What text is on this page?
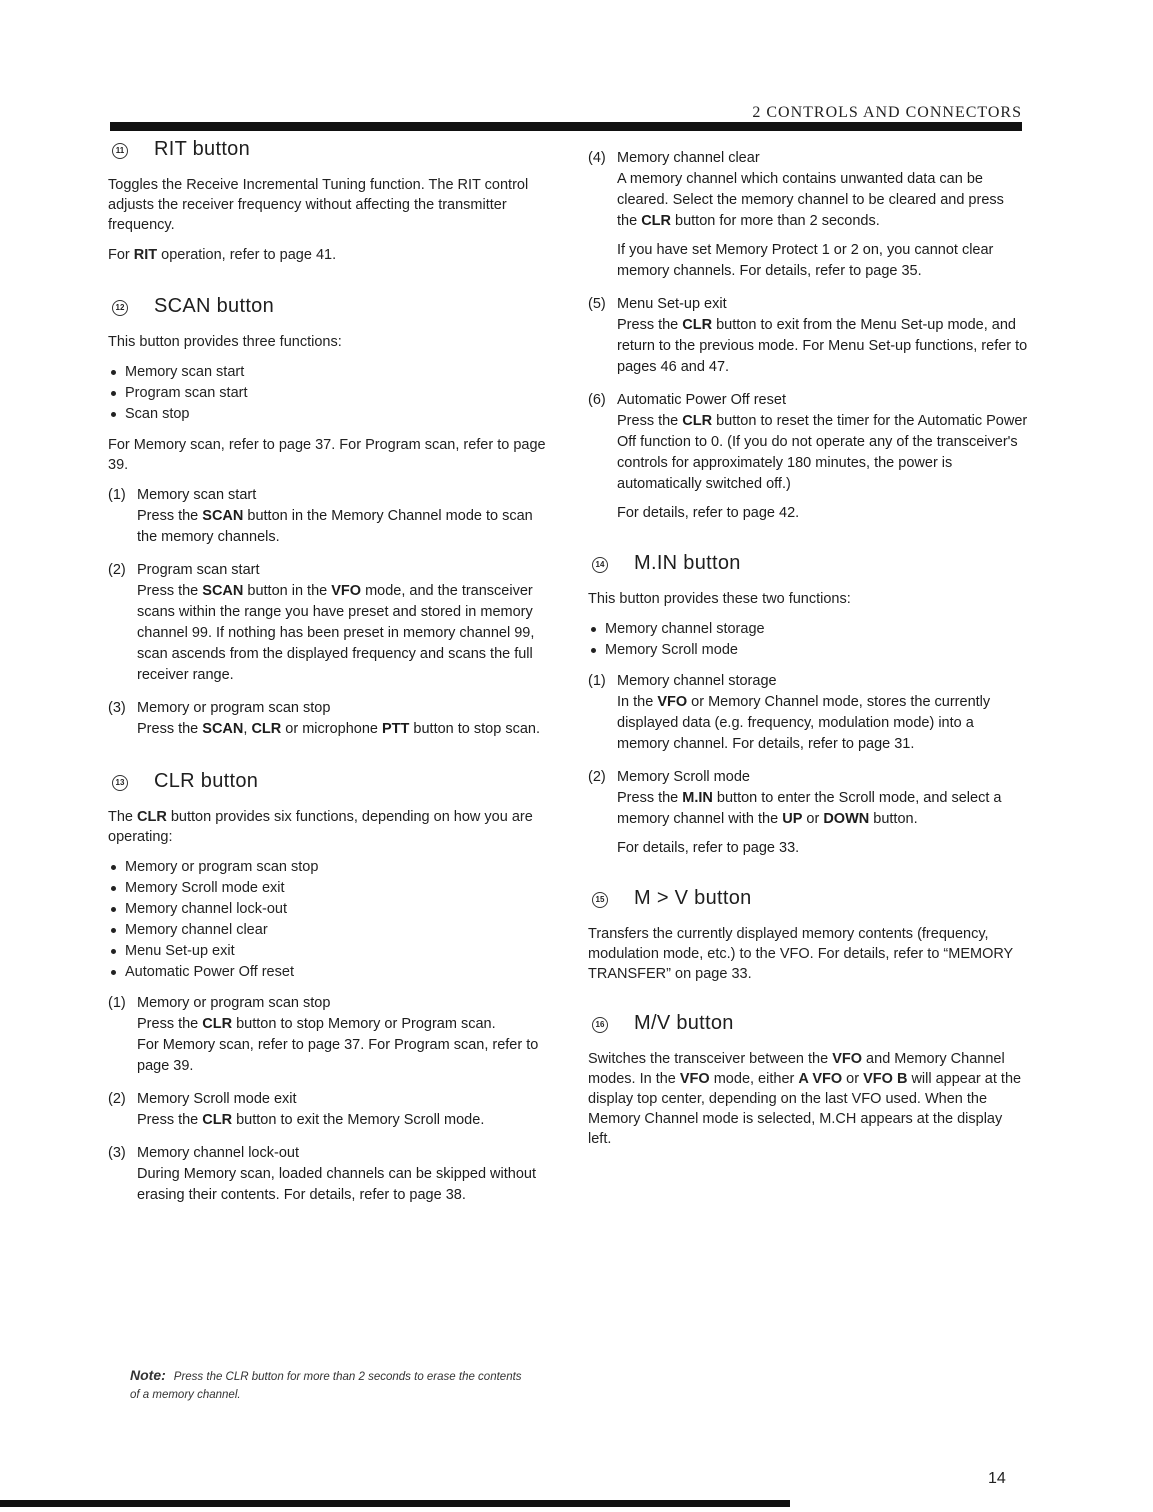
2 CONTROLS AND CONNECTORS
11 RIT button

Toggles the Receive Incremental Tuning function. The RIT control adjusts the receiver frequency without affecting the transmitter frequency.

For RIT operation, refer to page 41.

12 SCAN button

This button provides three functions:

Memory scan start
Program scan start
Scan stop

For Memory scan, refer to page 37. For Program scan, refer to page 39.

(1) Memory scan start
Press the SCAN button in the Memory Channel mode to scan the memory channels.
(2) Program scan start
Press the SCAN button in the VFO mode, and the transceiver scans within the range you have preset and stored in memory channel 99. If nothing has been preset in memory channel 99, scan ascends from the displayed frequency and scans the full receiver range.
(3) Memory or program scan stop
Press the SCAN, CLR or microphone PTT button to stop scan.
13 CLR button

The CLR button provides six functions, depending on how you are operating:

Memory or program scan stop
Memory Scroll mode exit
Memory channel lock-out
Memory channel clear
Menu Set-up exit
Automatic Power Off reset
(1) Memory or program scan stop
Press the CLR button to stop Memory or Program scan.
For Memory scan, refer to page 37. For Program scan, refer to page 39.
(2) Memory Scroll mode exit
Press the CLR button to exit the Memory Scroll mode.
(3) Memory channel lock-out
During Memory scan, loaded channels can be skipped without erasing their contents. For details, refer to page 38.
Note: Press the CLR button for more than 2 seconds to erase the contents of a memory channel.
(4) Memory channel clear

A memory channel which contains unwanted data can be cleared. Select the memory channel to be cleared and press the CLR button for more than 2 seconds.

If you have set Memory Protect 1 or 2 on, you cannot clear memory channels. For details, refer to page 35.

(5) Menu Set-up exit
Press the CLR button to exit from the Menu Set-up mode, and return to the previous mode. For Menu Set-up functions, refer to pages 46 and 47.
(6) Automatic Power Off reset

Press the CLR button to reset the timer for the Automatic Power Off function to 0. (If you do not operate any of the transceiver's controls for approximately 180 minutes, the power is automatically switched off.)

For details, refer to page 42.

14 M.IN button

This button provides these two functions:

Memory channel storage
Memory Scroll mode
(1) Memory channel storage
In the VFO or Memory Channel mode, stores the currently displayed data (e.g. frequency, modulation mode) into a memory channel. For details, refer to page 31.
(2) Memory Scroll mode

Press the M.IN button to enter the Scroll mode, and select a memory channel with the UP or DOWN button.

For details, refer to page 33.

15 M > V button

Transfers the currently displayed memory contents (frequency, modulation mode, etc.) to the VFO. For details, refer to “MEMORY TRANSFER” on page 33.

16 M/V button

Switches the transceiver between the VFO and Memory Channel modes. In the VFO mode, either A VFO or VFO B will appear at the display top center, depending on the last VFO used. When the Memory Channel mode is selected, M.CH appears at the display left.

14
